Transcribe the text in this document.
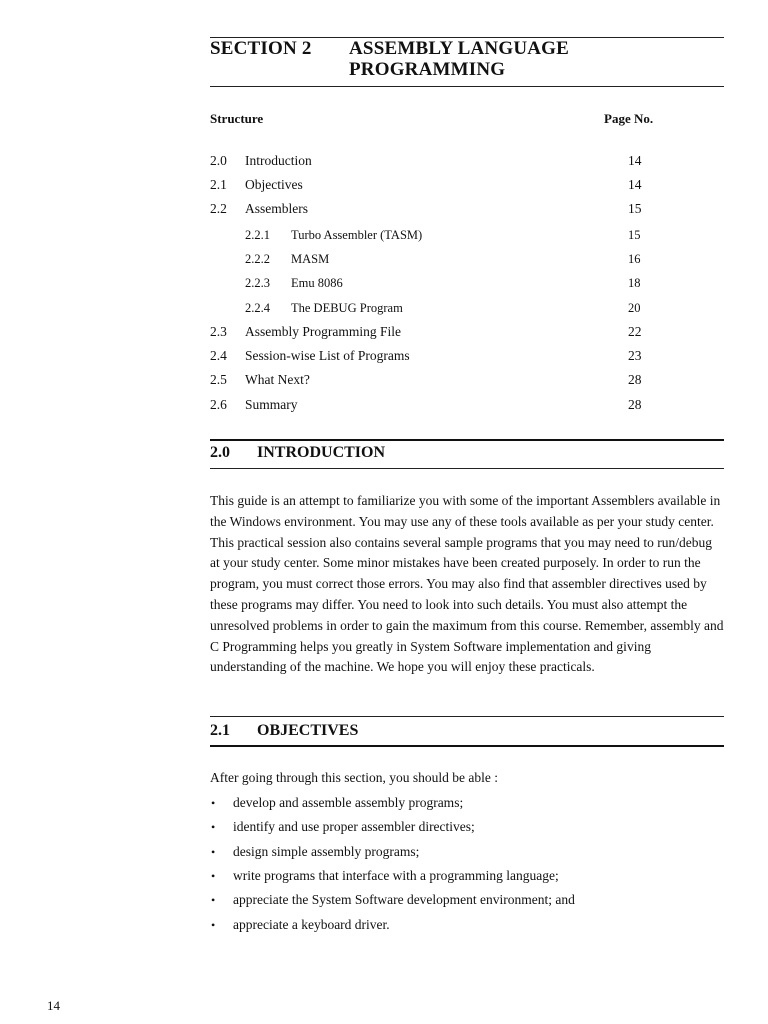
SECTION 2 ASSEMBLY LANGUAGE PROGRAMMING
Structure	Page No.
2.0 Introduction	14
2.1 Objectives	14
2.2 Assemblers	15
2.2.1 Turbo Assembler (TASM)	15
2.2.2 MASM	16
2.2.3 Emu 8086	18
2.2.4 The DEBUG Program	20
2.3 Assembly Programming File	22
2.4 Session-wise List of Programs	23
2.5 What Next?	28
2.6 Summary	28
2.0 INTRODUCTION

This guide is an attempt to familiarize you with some of the important Assemblers available in the Windows environment. You may use any of these tools available as per your study center. This practical session also contains several sample programs that you may need to run/debug at your study center. Some minor mistakes have been created purposely. In order to run the program, you must correct those errors. You may also find that assembler directives used by these programs may differ. You need to look into such details. You must also attempt the unresolved problems in order to gain the maximum from this course. Remember, assembly and C Programming helps you greatly in System Software implementation and giving understanding of the machine. We hope you will enjoy these practicals.

2.1 OBJECTIVES
After going through this section, you should be able :
• develop and assemble assembly programs;
• identify and use proper assembler directives;
• design simple assembly programs;
• write programs that interface with a programming language;
• appreciate the System Software development environment; and
• appreciate a keyboard driver.
14
